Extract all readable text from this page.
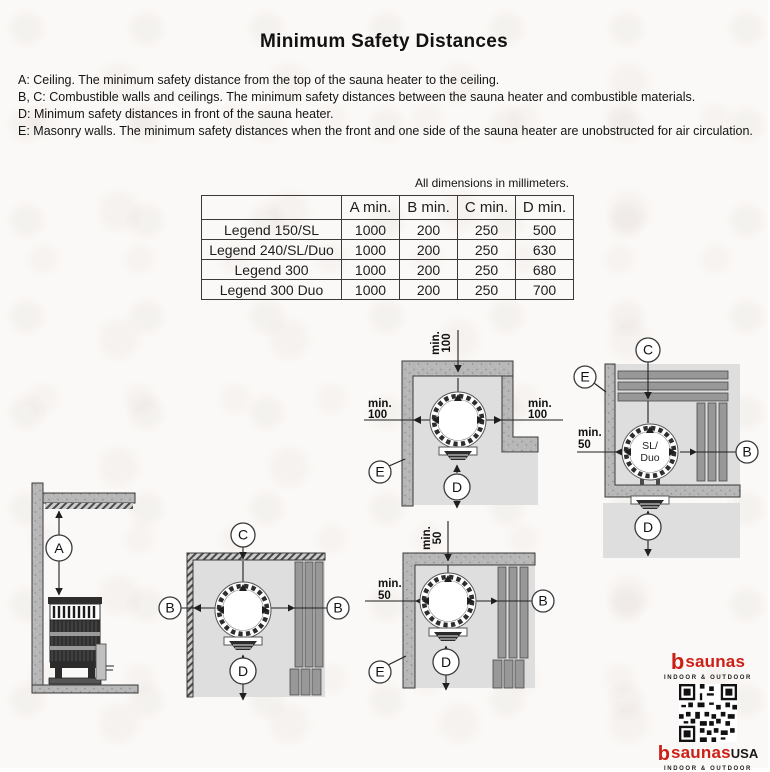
Minimum Safety Distances
A: Ceiling. The minimum safety distance from the top of the sauna heater to the ceiling.
B, C: Combustible walls and ceilings. The minimum safety distances between the sauna heater and combustible materials.
D: Minimum safety distances in front of the sauna heater.
E: Masonry walls. The minimum safety distances when the front and one side of the sauna heater are unobstructed for air circulation.
All dimensions in millimeters.
	A min.	B min.	C min.	D min.
Legend 150/SL	1000	200	250	500
Legend 240/SL/Duo	1000	200	250	630
Legend 300	1000	200	250	680
Legend 300 Duo	1000	200	250	700
min. 100
min.
100
min.
100
E
D
SL/
Duo
min.
50
C
E
B
D
A
C
B	B
D
min. 50
min.
50	B
D
E	bsaunas
INDOOR & OUTDOOR
bsaunasUSA
INDOOR & OUTDOOR
